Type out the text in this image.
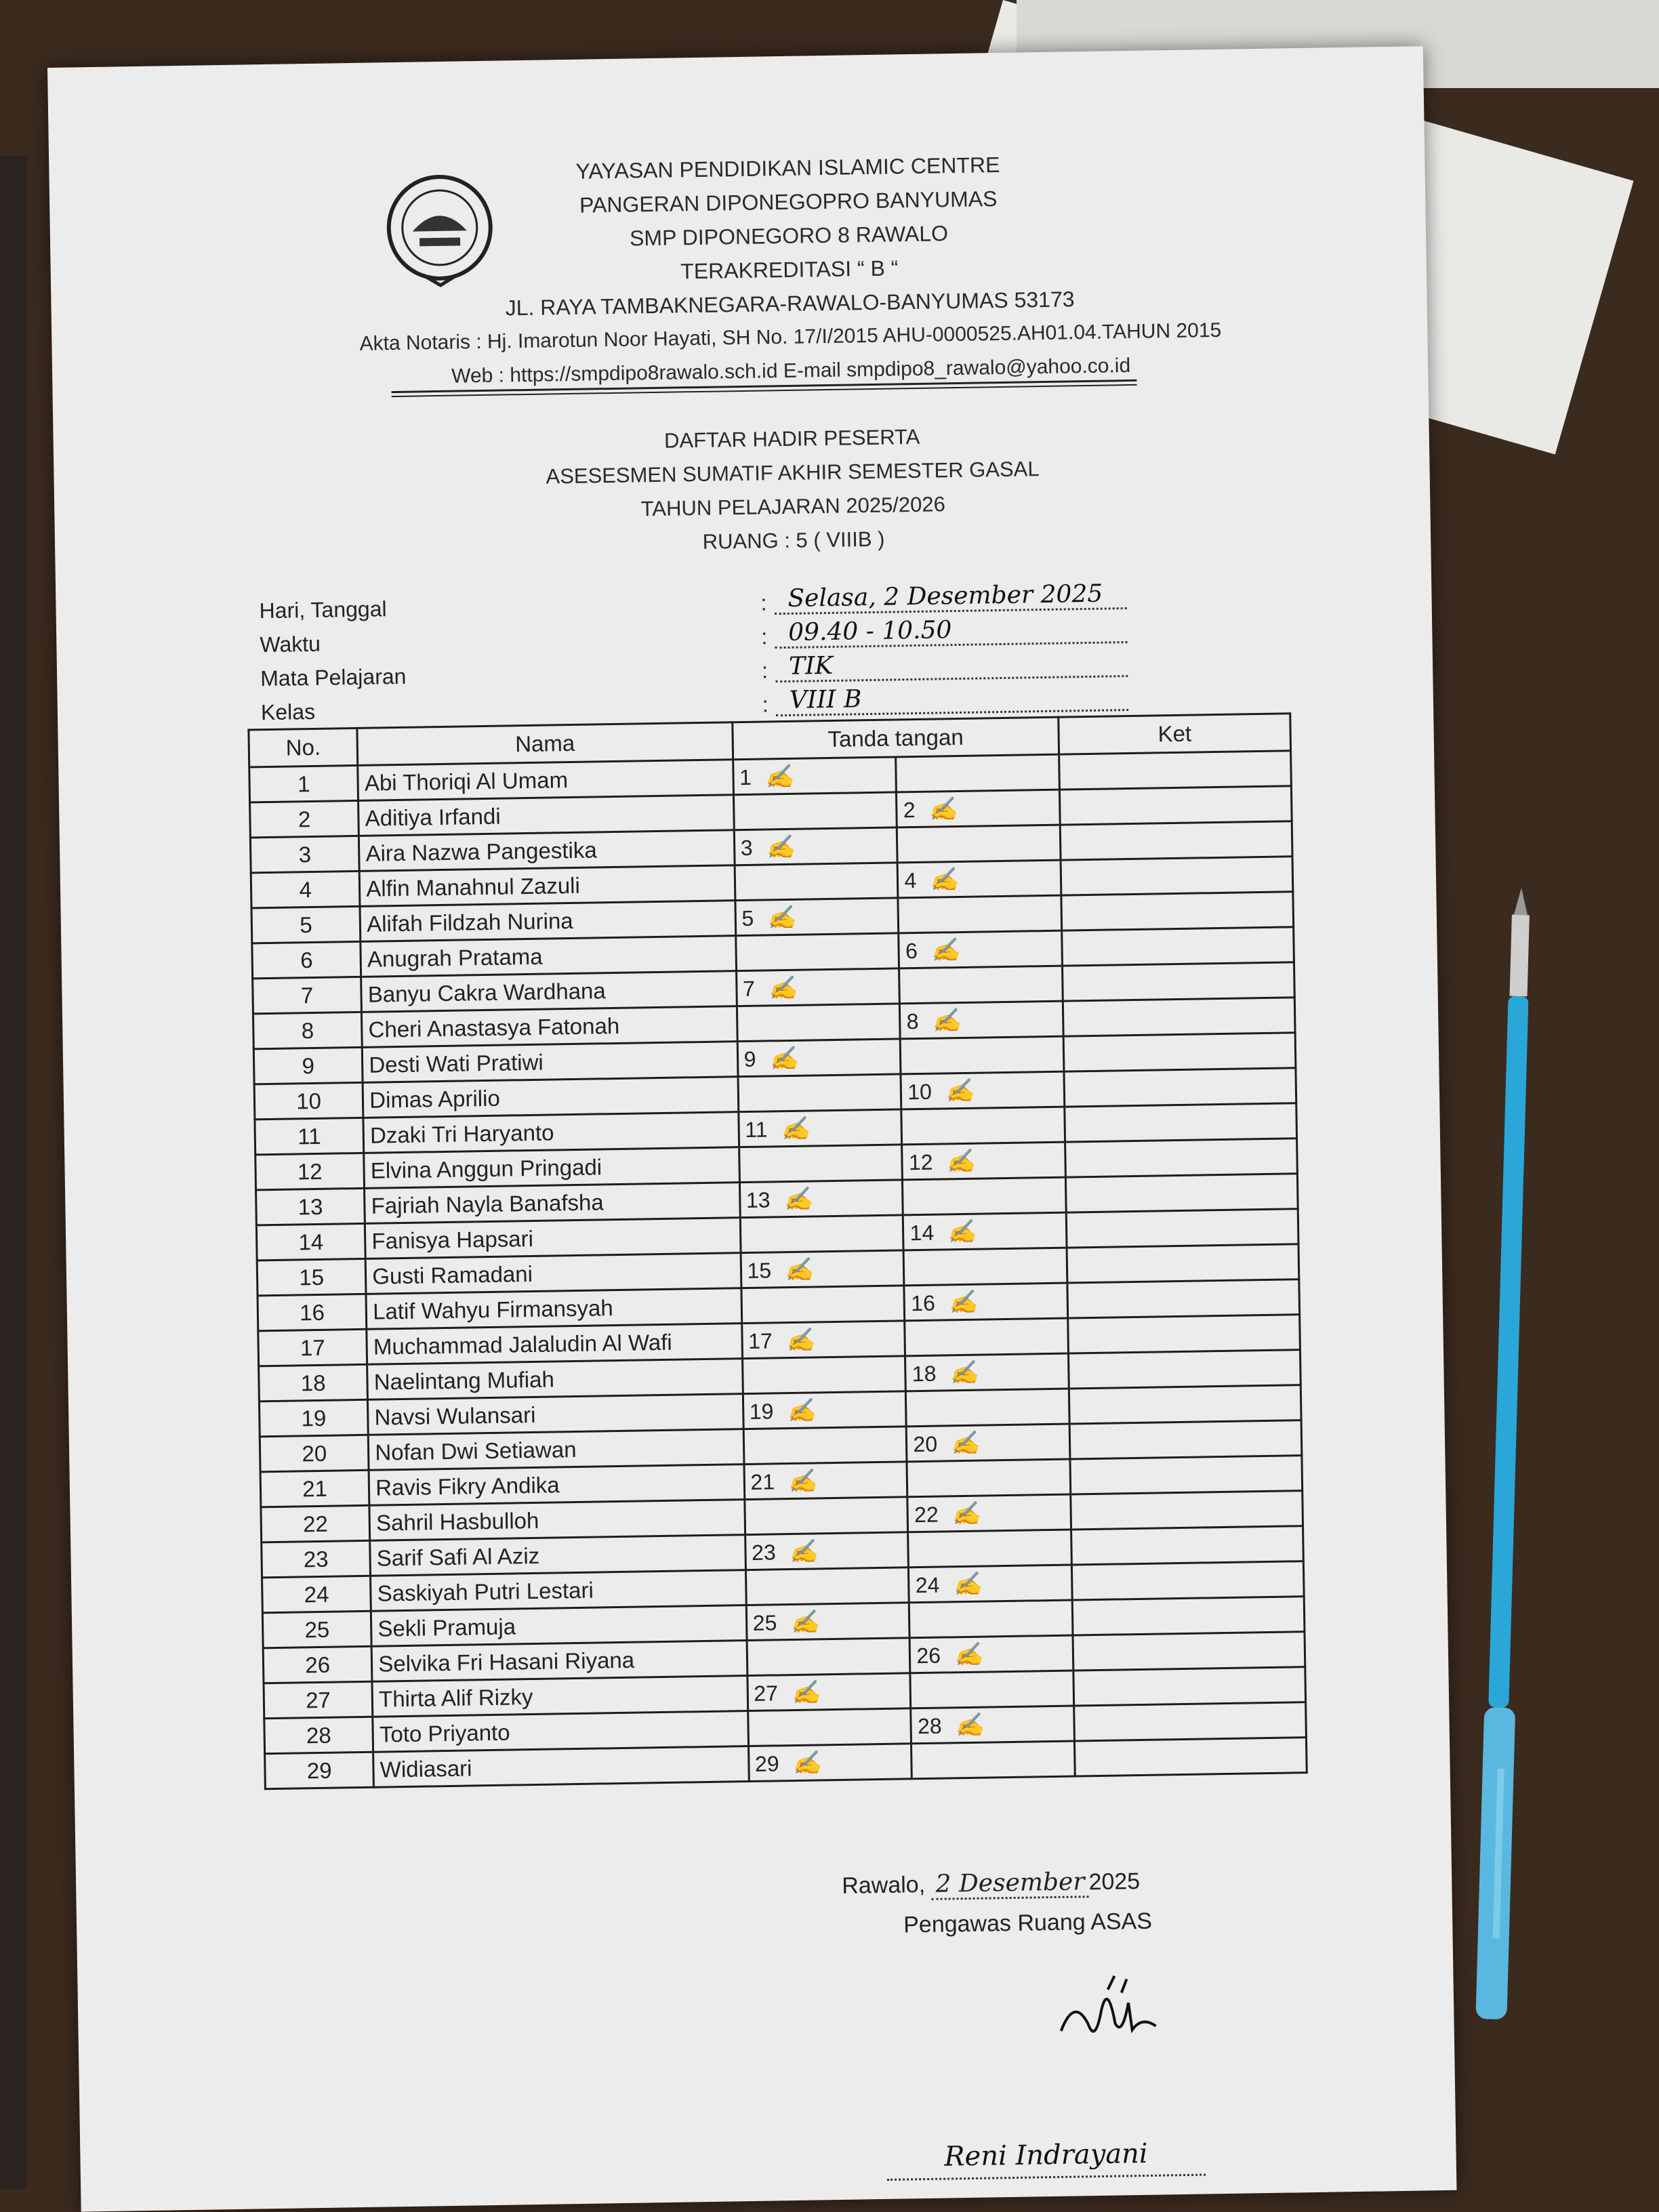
YAYASAN PENDIDIKAN ISLAMIC CENTRE
PANGERAN DIPONEGOPRO BANYUMAS
SMP DIPONEGORO 8 RAWALO
TERAKREDITASI “ B “
JL. RAYA TAMBAKNEGARA-RAWALO-BANYUMAS 53173
Akta Notaris : Hj. Imarotun Noor Hayati, SH No. 17/I/2015 AHU-0000525.AH01.04.TAHUN 2015
Web : https://smpdipo8rawalo.sch.id E-mail smpdipo8_rawalo@yahoo.co.id
DAFTAR HADIR PESERTA
ASESESMEN SUMATIF AKHIR SEMESTER GASAL
TAHUN PELAJARAN 2025/2026
RUANG : 5 ( VIIIB )
Hari, Tanggal	: Selasa, 2 Desember 2025
Waktu	: 09.40 - 10.50
Mata Pelajaran	: TIK
Kelas	: VIII B
No.	Nama	Tanda tangan		Ket
1	Abi Thoriqi Al Umam	1 ✍		
2	Aditiya Irfandi		2 ✍	
3	Aira Nazwa Pangestika	3 ✍		
4	Alfin Manahnul Zazuli		4 ✍	
5	Alifah Fildzah Nurina	5 ✍		
6	Anugrah Pratama		6 ✍	
7	Banyu Cakra Wardhana	7 ✍		
8	Cheri Anastasya Fatonah		8 ✍	
9	Desti Wati Pratiwi	9 ✍		
10	Dimas Aprilio		10 ✍	
11	Dzaki Tri Haryanto	11 ✍		
12	Elvina Anggun Pringadi		12 ✍	
13	Fajriah Nayla Banafsha	13 ✍		
14	Fanisya Hapsari		14 ✍	
15	Gusti Ramadani	15 ✍		
16	Latif Wahyu Firmansyah		16 ✍	
17	Muchammad Jalaludin Al Wafi	17 ✍		
18	Naelintang Mufiah		18 ✍	
19	Navsi Wulansari	19 ✍		
20	Nofan Dwi Setiawan		20 ✍	
21	Ravis Fikry Andika	21 ✍		
22	Sahril Hasbulloh		22 ✍	
23	Sarif Safi Al Aziz	23 ✍		
24	Saskiyah Putri Lestari		24 ✍	
25	Sekli Pramuja	25 ✍		
26	Selvika Fri Hasani Riyana		26 ✍	
27	Thirta Alif Rizky	27 ✍		
28	Toto Priyanto		28 ✍	
29	Widiasari	29 ✍		
Rawalo, 2 Desember 2025
Pengawas Ruang ASAS
Reni Indrayani
